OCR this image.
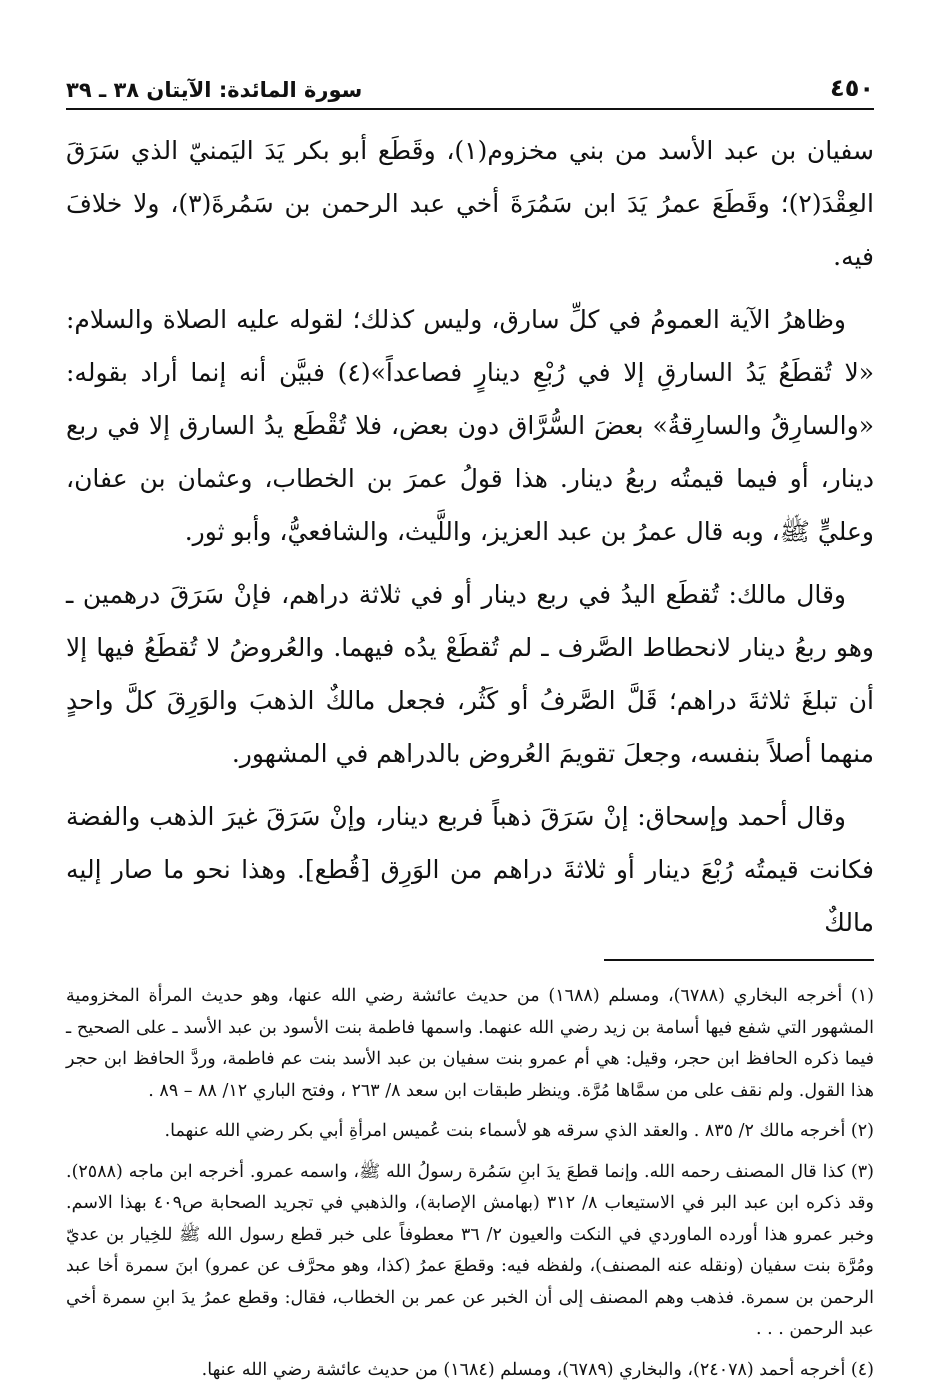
٤٥٠
سورة المائدة: الآيتان ٣٨ ـ ٣٩

سفيان بن عبد الأسد من بني مخزوم(١)، وقَطَع أبو بكر يَدَ اليَمنيّ الذي سَرَقَ العِقْدَ(٢)؛ وقَطَعَ عمرُ يَدَ ابن سَمُرَةَ أخي عبد الرحمن بن سَمُرةَ(٣)، ولا خلافَ فيه.

وظاهرُ الآية العمومُ في كلِّ سارق، وليس كذلك؛ لقوله عليه الصلاة والسلام: «لا تُقطَعُ يَدُ السارقِ إلا في رُبْعِ دينارٍ فصاعداً»(٤) فبيَّن أنه إنما أراد بقوله: «والسارِقُ والسارِقةُ» بعضَ السُّرَّاق دون بعض، فلا تُقْطَع يدُ السارق إلا في ربع دينار، أو فيما قيمتُه ربعُ دينار. هذا قولُ عمرَ بن الخطاب، وعثمان بن عفان، وعليٍّ ﷺ، وبه قال عمرُ بن عبد العزيز، واللَّيث، والشافعيُّ، وأبو ثور.

وقال مالك: تُقطَع اليدُ في ربع دينار أو في ثلاثة دراهم، فإنْ سَرَقَ درهمين ـ وهو ربعُ دينار لانحطاط الصَّرف ـ لم تُقطَعْ يدُه فيهما. والعُروضُ لا تُقطَعُ فيها إلا أن تبلغَ ثلاثةَ دراهم؛ قَلَّ الصَّرفُ أو كَثُر، فجعل مالكٌ الذهبَ والوَرِقَ كلَّ واحدٍ منهما أصلاً بنفسه، وجعلَ تقويمَ العُروض بالدراهم في المشهور.

وقال أحمد وإسحاق: إنْ سَرَقَ ذهباً فربع دينار، وإنْ سَرَقَ غيرَ الذهب والفضة فكانت قيمتُه رُبْعَ دينار أو ثلاثةَ دراهم من الوَرِق [قُطع]. وهذا نحو ما صار إليه مالكٌ

(١) أخرجه البخاري (٦٧٨٨)، ومسلم (١٦٨٨) من حديث عائشة رضي الله عنها، وهو حديث المرأة المخزومية المشهور التي شفع فيها أسامة بن زيد رضي الله عنهما. واسمها فاطمة بنت الأسود بن عبد الأسد ـ على الصحيح ـ فيما ذكره الحافظ ابن حجر، وقيل: هي أم عمرو بنت سفيان بن عبد الأسد بنت عم فاطمة، وردَّ الحافظ ابن حجر هذا القول. ولم نقف على من سمَّاها مُرَّة. وينظر طبقات ابن سعد ٨/ ٢٦٣ ، وفتح الباري ١٢/ ٨٨ – ٨٩ .
(٢) أخرجه مالك ٢/ ٨٣٥ . والعقد الذي سرقه هو لأسماء بنت عُميس امرأةِ أبي بكر رضي الله عنهما.
(٣) كذا قال المصنف رحمه الله. وإنما قطعَ يدَ ابنِ سَمُرة رسولُ الله ﷺ، واسمه عمرو. أخرجه ابن ماجه (٢٥٨٨). وقد ذكره ابن عبد البر في الاستيعاب ٨/ ٣١٢ (بهامش الإصابة)، والذهبي في تجريد الصحابة ص٤٠٩ بهذا الاسم. وخبر عمرو هذا أورده الماوردي في النكت والعيون ٢/ ٣٦ معطوفاً على خبر قطع رسول الله ﷺ للخِيار بن عديّ ومُرَّة بنت سفيان (ونقله عنه المصنف)، ولفظه فيه: وقطعَ عمرُ (كذا، وهو محرَّف عن عمرو) ابنَ سمرة أخا عبد الرحمن بن سمرة. فذهب وهم المصنف إلى أن الخبر عن عمر بن الخطاب، فقال: وقطع عمرُ يدَ ابنِ سمرة أخي عبد الرحمن . . .
(٤) أخرجه أحمد (٢٤٠٧٨)، والبخاري (٦٧٨٩)، ومسلم (١٦٨٤) من حديث عائشة رضي الله عنها.
